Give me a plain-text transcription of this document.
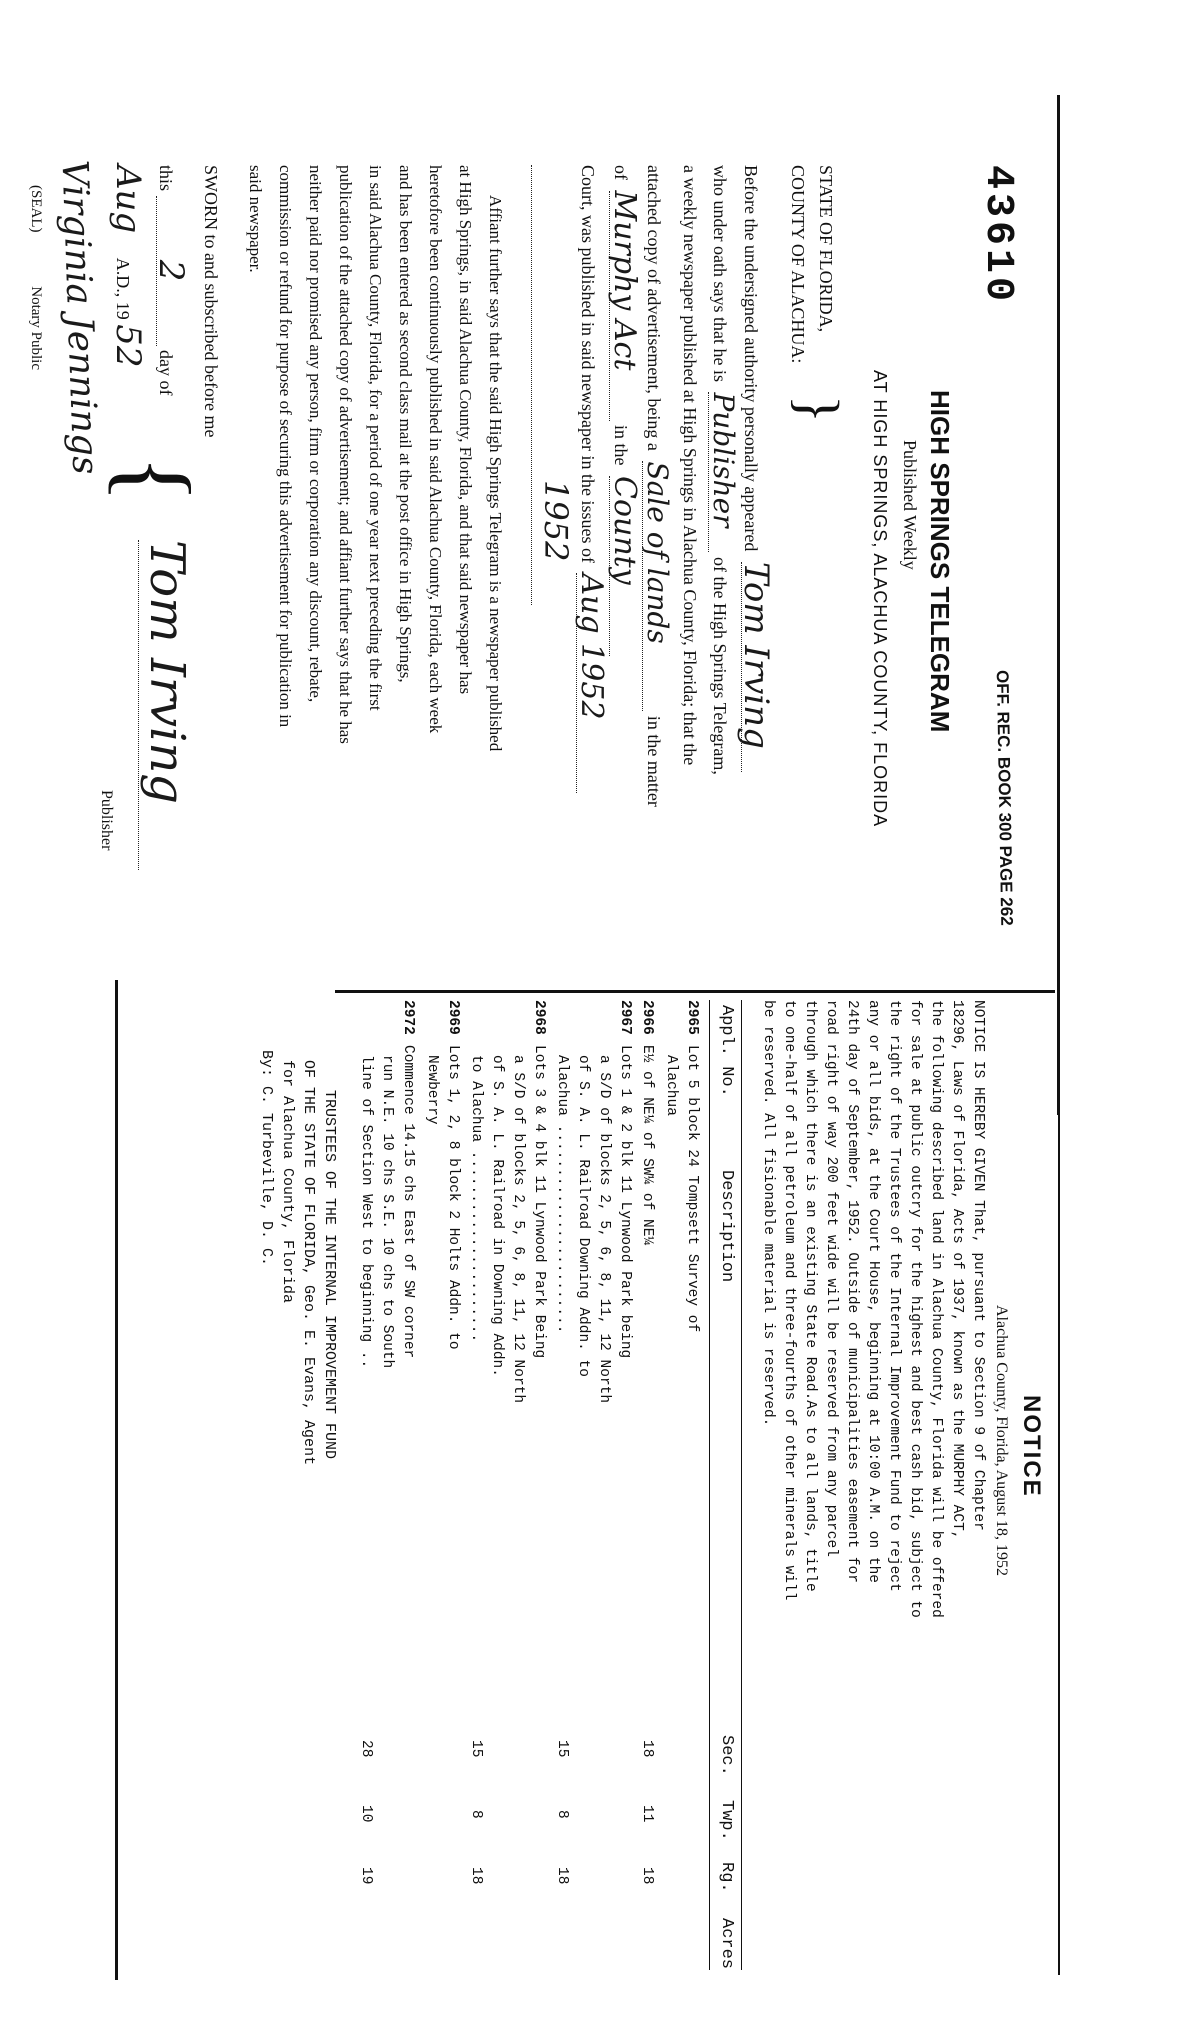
43610
HIGH SPRINGS TELEGRAM
OFF. REC. BOOK 300 PAGE 262
Published Weekly
AT HIGH SPRINGS, ALACHUA COUNTY, FLORIDA
STATE OF FLORIDA,
COUNTY OF ALACHUA:
}
Before the undersigned authority personally appeared Tom Irving
who under oath says that he is Publisher of the High Springs Telegram,
a weekly newspaper published at High Springs in Alachua County, Florida; that the
attached copy of advertisement, being a Sale of lands in the matter
of Murphy Act in the County
Court, was published in said newspaper in the issues of Aug 1952
1952
Affiant further says that the said High Springs Telegram is a newspaper published
at High Springs, in said Alachua County, Florida, and that said newspaper has
heretofore been continuously published in said Alachua County, Florida, each week
and has been entered as second class mail at the post office in High Springs,
in said Alachua County, Florida, for a period of one year next preceding the first
publication of the attached copy of advertisement; and affiant further says that he has
neither paid nor promised any person, firm or corporation any discount, rebate,
commission or refund for purpose of securing this advertisement for publication in
said newspaper.
SWORN to and subscribed before me
this 2 day of
Aug A.D., 19 52
Virginia Jennings
(SEAL) Notary Public
{
Tom Irving
Publisher
NOTICE
Alachua County, Florida, August 18, 1952
NOTICE IS HEREBY GIVEN That, pursuant to Section 9 of Chapter
18296, Laws of Florida, Acts of 1937, known as the MURPHY ACT,
the following described land in Alachua County, Florida will be offered
for sale at public outcry for the highest and best cash bid, subject to
the right of the Trustees of the Internal Improvement Fund to reject
any or all bids, at the Court House, beginning at 10:00 A.M. on the
24th day of September, 1952. Outside of municipalities easement for
road right of way 200 feet wide will be reserved from any parcel
through which there is an existing State Road.As to all lands, title
to one-half of all petroleum and three-fourths of other minerals will
be reserved. All fisionable material is reserved.
Appl. No.
Description
Sec.
Twp.
Rg.
Acres
2965
Lot 5 block 24 Tompsett Survey of
Alachua
2966
E½ of NE¼ of SW¼ of NE¼
18
11
18
2967
Lots 1 & 2 blk 11 Lynwood Park being
a S/D of blocks 2, 5, 6, 8, 11, 12 North
of S. A. L. Railroad Downing Addn. to
Alachua ........................
15
8
18
2968
Lots 3 & 4 blk 11 Lynwood Park Being
a S/D of blocks 2, 5, 6, 8, 11, 12 North
of S. A. L. Railroad in Downing Addn.
to Alachua ......................
15
8
18
2969
Lots 1, 2, 8 block 2 Holts Addn. to
Newberry
2972
Commence 14.15 chs East of SW corner
run N.E. 10 chs S.E. 10 chs to South
line of Section West to beginning ..
28
10
19
TRUSTEES OF THE INTERNAL IMPROVEMENT FUND
OF THE STATE OF FLORIDA, Geo. E. Evans, Agent
for Alachua County, Florida
By: C. Turbeville, D. C.
